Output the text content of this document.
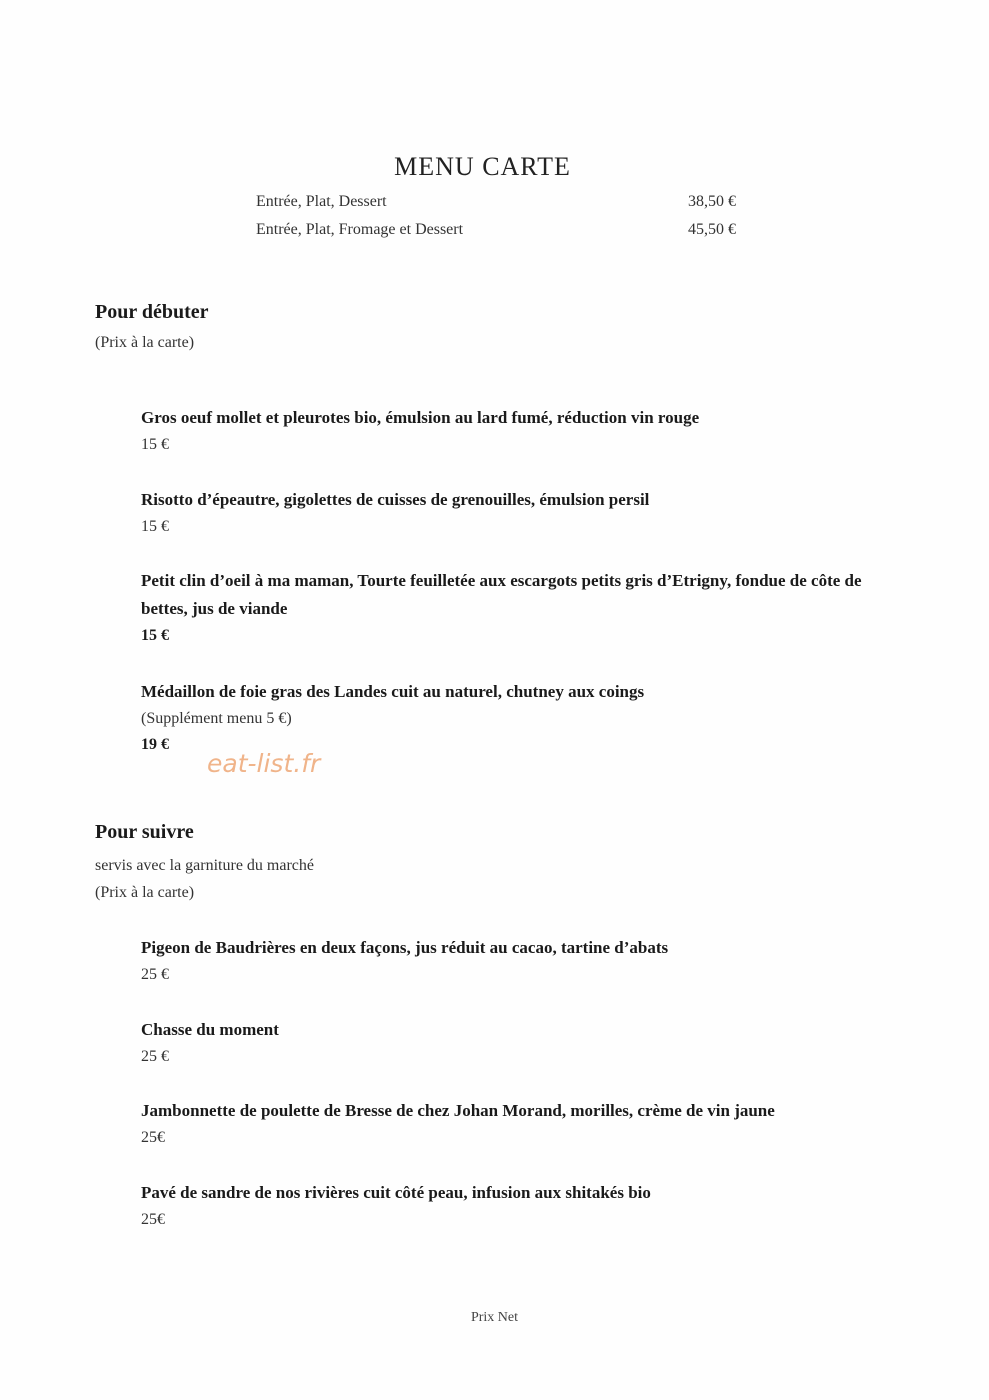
MENU CARTE
Entrée, Plat, Dessert	38,50 €
Entrée, Plat, Fromage et Dessert	45,50 €
Pour débuter
(Prix à la carte)
Gros oeuf mollet et pleurotes bio, émulsion au lard fumé, réduction vin rouge
15 €
Risotto d’épeautre, gigolettes de cuisses de grenouilles, émulsion persil
15 €
Petit clin d’oeil à ma maman, Tourte feuilletée aux escargots petits gris d’Etrigny, fondue de côte de bettes, jus de viande
15 €
Médaillon de foie gras des Landes cuit au naturel, chutney aux coings
(Supplément menu 5 €)
19 €
eat-list.fr
Pour suivre
servis avec la garniture du marché
(Prix à la carte)
Pigeon de Baudrières en deux façons, jus réduit au cacao, tartine d’abats
25 €
Chasse du moment
25 €
Jambonnette de poulette de Bresse de chez Johan Morand, morilles, crème de vin jaune
25€
Pavé de sandre de nos rivières cuit côté peau, infusion aux shitakés bio
25€
Prix Net
